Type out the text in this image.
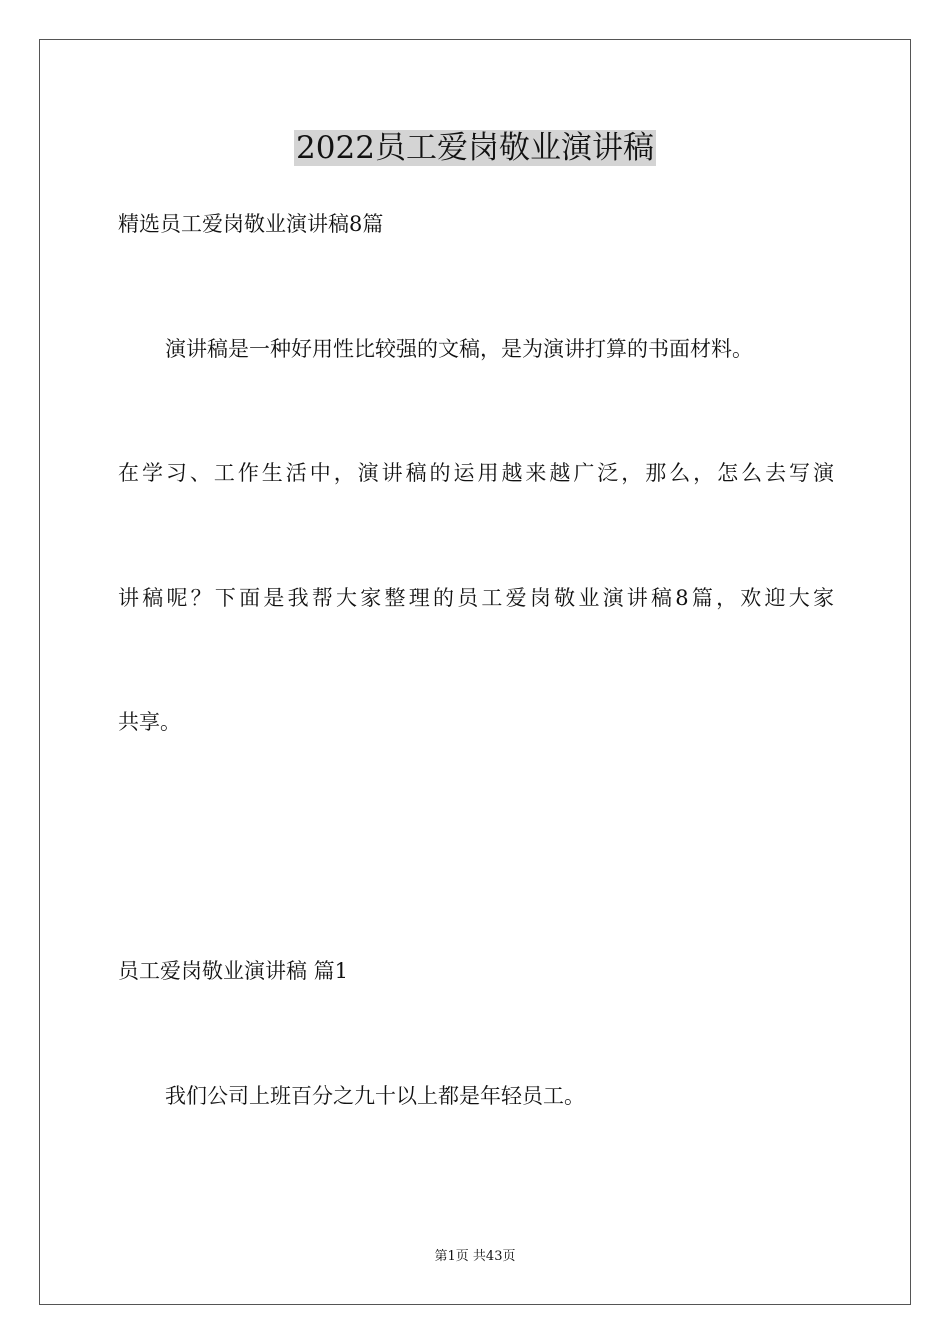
2022员工爱岗敬业演讲稿
精选员工爱岗敬业演讲稿8篇
演讲稿是一种好用性比较强的文稿，是为演讲打算的书面材料。
在学习、工作生活中，演讲稿的运用越来越广泛，那么，怎么去写演
讲稿呢？下面是我帮大家整理的员工爱岗敬业演讲稿8篇，欢迎大家
共享。
员工爱岗敬业演讲稿 篇1
我们公司上班百分之九十以上都是年轻员工。
第1页 共43页
